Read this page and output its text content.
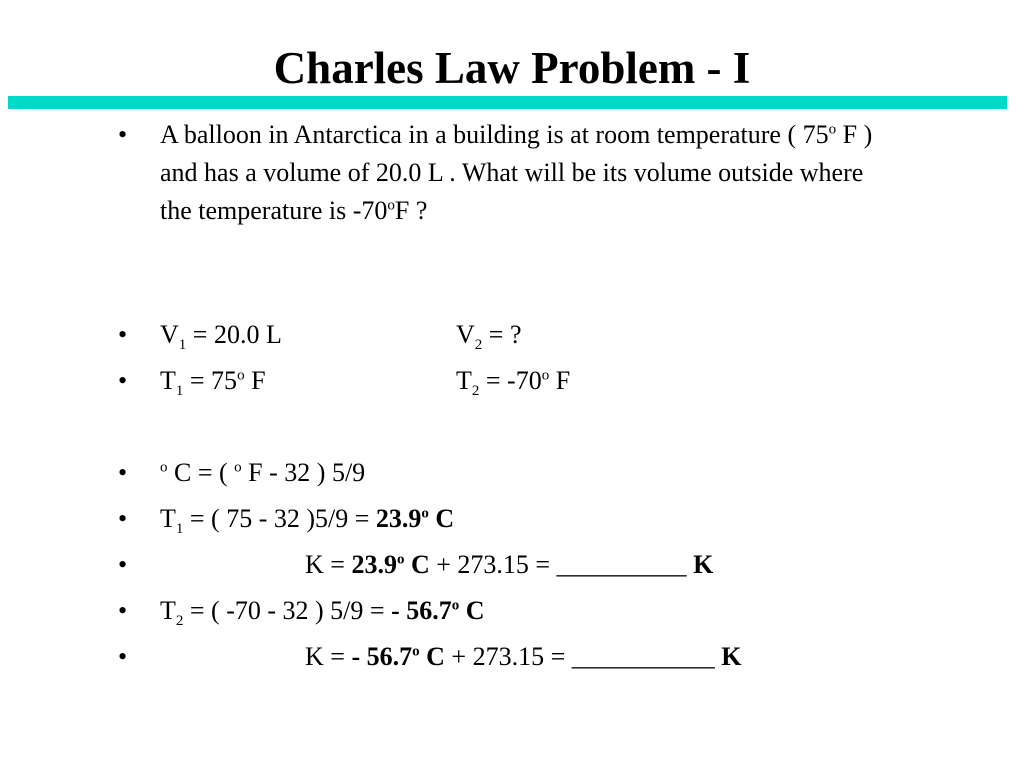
Charles Law Problem - I
• A balloon in Antarctica in a building is at room temperature ( 75$^o$ F ) and has a volume of 20.0 L . What will be its volume outside where the temperature is -70$^o$F ?
• $V_1 = 20.0$ L	$V_2$ = ?
• $T_1 = 75^o$ F	$T_2 = -70^o$ F
• $^o$ C = ( $^o$ F - 32 ) 5/9
• $T_1$ = ( 75 - 32 )$5/9 = 23.9^o$ C
•	$K = 23.9^o$ C + 273.15 = __________ K
• $T_2$ = ( -70 - 32 ) 5/9 = - 56.7$^o$ C
•	K = - 56.7$^o$ C + 273.15 = ___________ K
